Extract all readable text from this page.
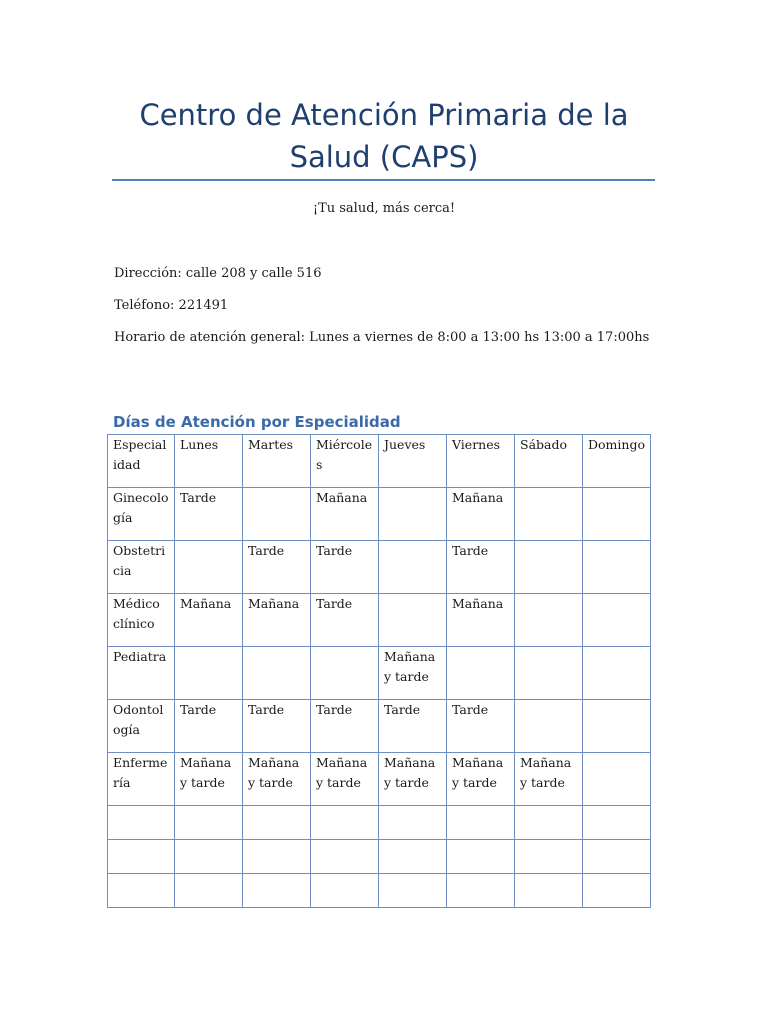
Centro de Atención Primaria de la Salud (CAPS)
¡Tu salud, más cerca!
Dirección: calle 208 y calle 516
Teléfono: 221491
Horario de atención general: Lunes a viernes de 8:00 a 13:00 hs 13:00 a 17:00hs
Días de Atención por Especialidad
Especialidad	Lunes	Martes	Miércoles	Jueves	Viernes	Sábado	Domingo
Ginecología	Tarde		Mañana		Mañana		
Obstetricia		Tarde	Tarde		Tarde		
Médico clínico	Mañana	Mañana	Tarde		Mañana		
Pediatra				Mañana y tarde			
Odontología	Tarde	Tarde	Tarde	Tarde	Tarde		
Enfermería	Mañana y tarde	Mañana y tarde	Mañana y tarde	Mañana y tarde	Mañana y tarde	Mañana y tarde	
